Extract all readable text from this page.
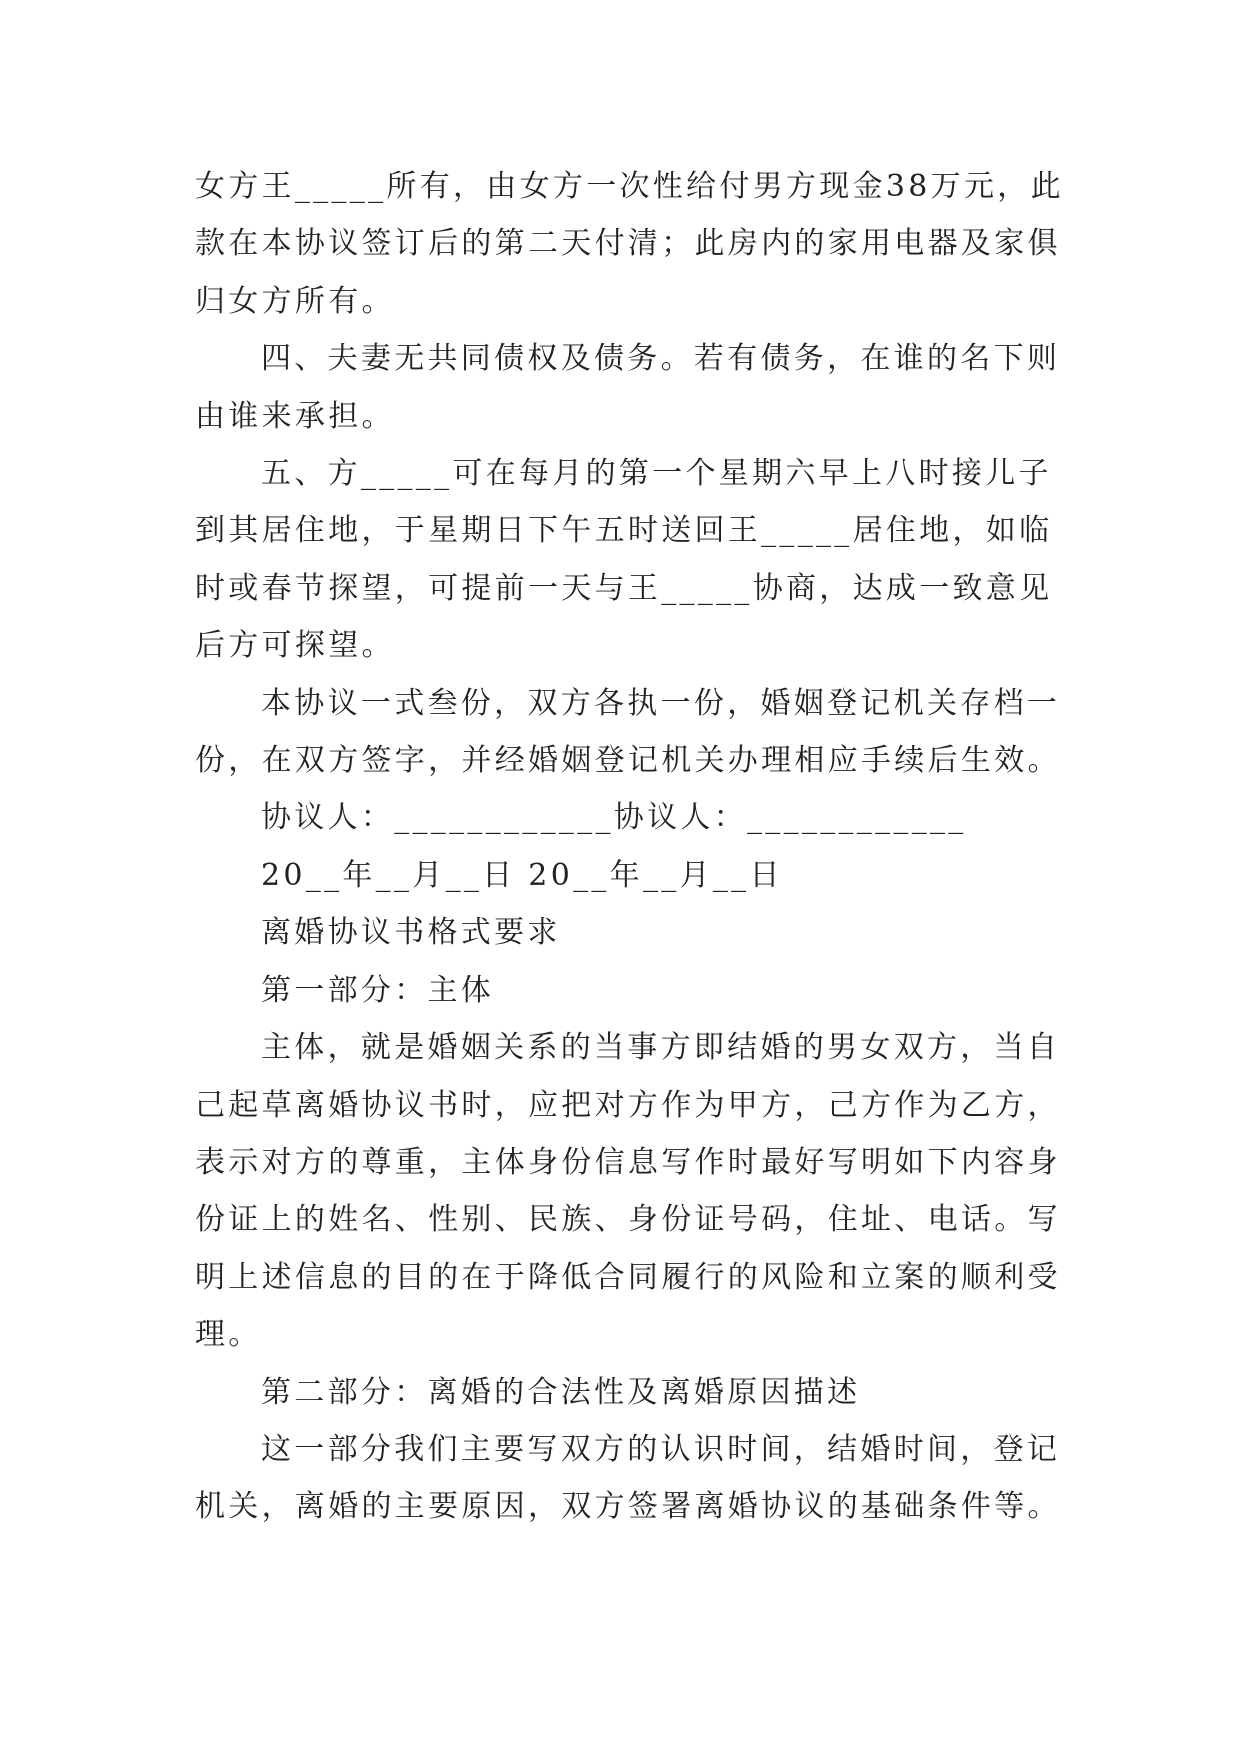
女方王_____所有，由女方一次性给付男方现金38万元，此款在本协议签订后的第二天付清；此房内的家用电器及家俱归女方所有。

四、夫妻无共同债权及债务。若有债务，在谁的名下则由谁来承担。

五、方_____可在每月的第一个星期六早上八时接儿子到其居住地，于星期日下午五时送回王_____居住地，如临时或春节探望，可提前一天与王_____协商，达成一致意见后方可探望。

本协议一式叁份，双方各执一份，婚姻登记机关存档一份，在双方签字，并经婚姻登记机关办理相应手续后生效。

协议人：____________协议人：____________

20__年__月__日 20__年__月__日

离婚协议书格式要求

第一部分：主体

主体，就是婚姻关系的当事方即结婚的男女双方，当自己起草离婚协议书时，应把对方作为甲方，己方作为乙方，表示对方的尊重，主体身份信息写作时最好写明如下内容身份证上的姓名、性别、民族、身份证号码，住址、电话。写明上述信息的目的在于降低合同履行的风险和立案的顺利受理。

第二部分：离婚的合法性及离婚原因描述

这一部分我们主要写双方的认识时间，结婚时间，登记机关，离婚的主要原因，双方签署离婚协议的基础条件等。
